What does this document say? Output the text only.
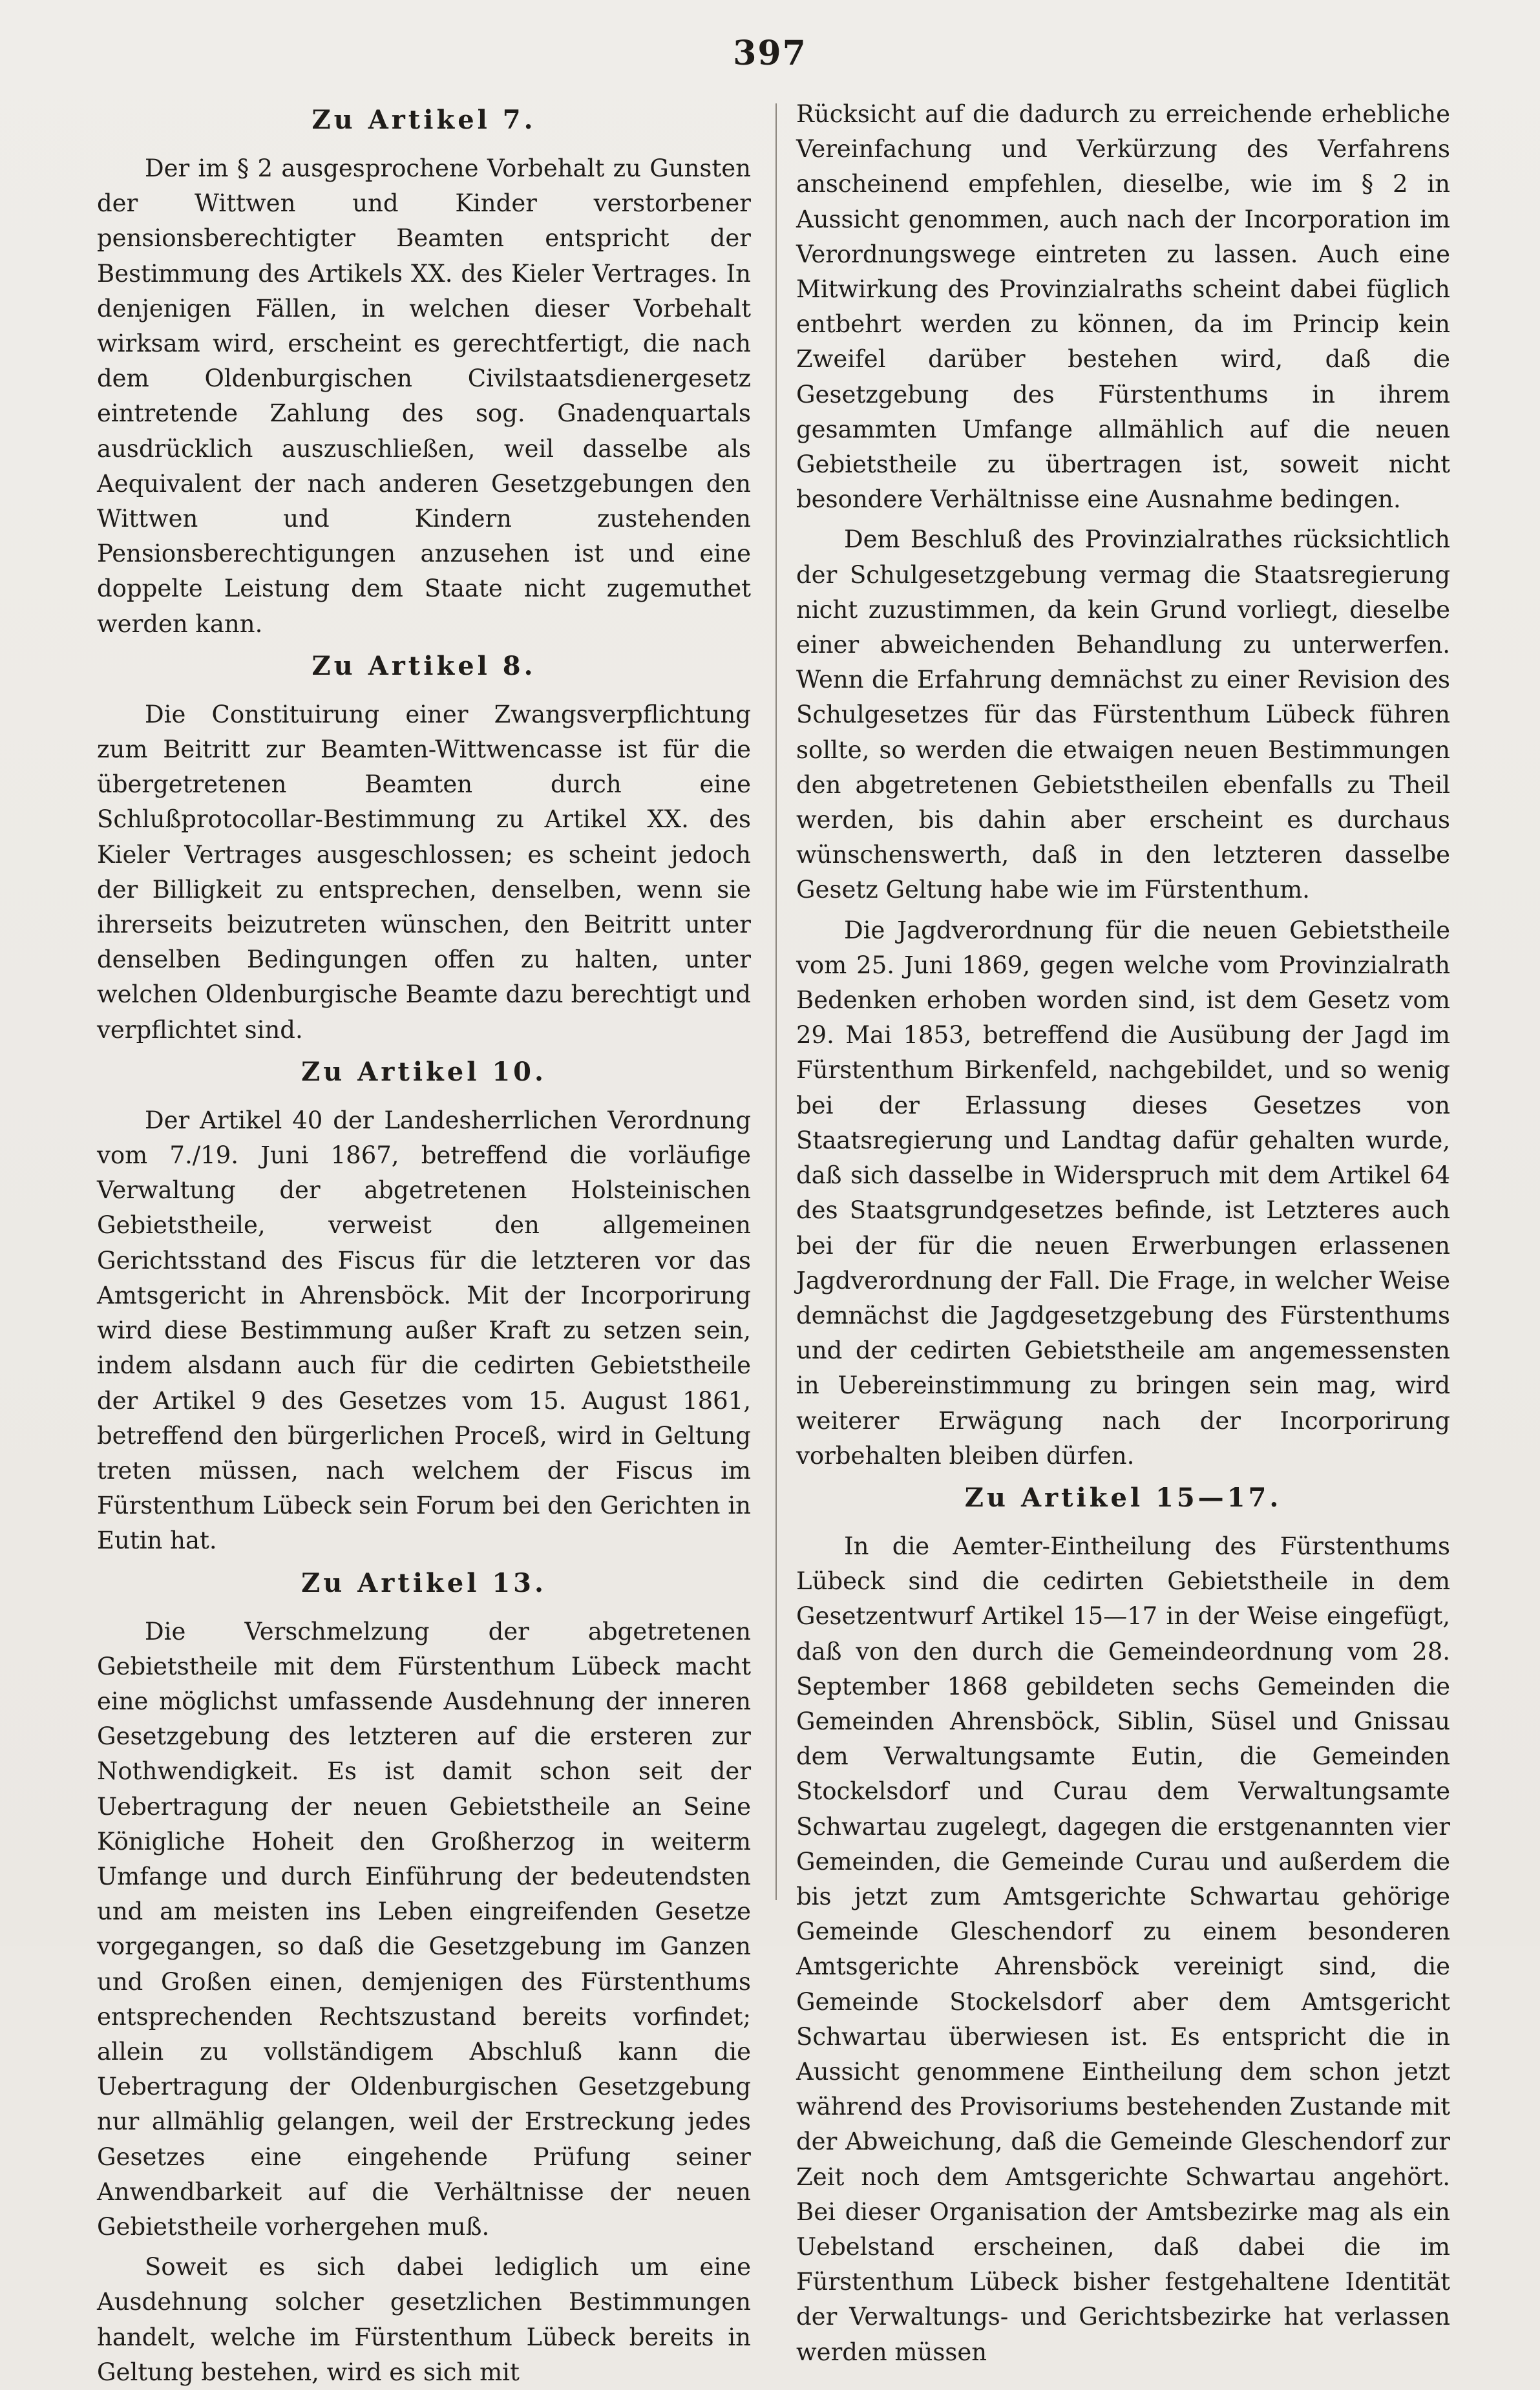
397
Zu Artikel 7.

Der im § 2 ausgesprochene Vorbehalt zu Gunsten der Wittwen und Kinder verstorbener pensionsberechtigter Beamten entspricht der Bestimmung des Artikels XX. des Kieler Vertrages. In denjenigen Fällen, in welchen dieser Vorbehalt wirksam wird, erscheint es gerechtfertigt, die nach dem Oldenburgischen Civilstaatsdienergesetz eintretende Zahlung des sog. Gnadenquartals ausdrücklich auszuschließen, weil dasselbe als Aequivalent der nach anderen Gesetzgebungen den Wittwen und Kindern zustehenden Pensionsberechtigungen anzusehen ist und eine doppelte Leistung dem Staate nicht zugemuthet werden kann.

Zu Artikel 8.

Die Constituirung einer Zwangsverpflichtung zum Beitritt zur Beamten-Wittwencasse ist für die übergetretenen Beamten durch eine Schlußprotocollar-Bestimmung zu Artikel XX. des Kieler Vertrages ausgeschlossen; es scheint jedoch der Billigkeit zu entsprechen, denselben, wenn sie ihrerseits beizutreten wünschen, den Beitritt unter denselben Bedingungen offen zu halten, unter welchen Oldenburgische Beamte dazu berechtigt und verpflichtet sind.

Zu Artikel 10.

Der Artikel 40 der Landesherrlichen Verordnung vom 7./19. Juni 1867, betreffend die vorläufige Verwaltung der abgetretenen Holsteinischen Gebietstheile, verweist den allgemeinen Gerichtsstand des Fiscus für die letzteren vor das Amtsgericht in Ahrensböck. Mit der Incorporirung wird diese Bestimmung außer Kraft zu setzen sein, indem alsdann auch für die cedirten Gebietstheile der Artikel 9 des Gesetzes vom 15. August 1861, betreffend den bürgerlichen Proceß, wird in Geltung treten müssen, nach welchem der Fiscus im Fürstenthum Lübeck sein Forum bei den Gerichten in Eutin hat.

Zu Artikel 13.

Die Verschmelzung der abgetretenen Gebietstheile mit dem Fürstenthum Lübeck macht eine möglichst umfassende Ausdehnung der inneren Gesetzgebung des letzteren auf die ersteren zur Nothwendigkeit. Es ist damit schon seit der Uebertragung der neuen Gebietstheile an Seine Königliche Hoheit den Großherzog in weiterm Umfange und durch Einführung der bedeutendsten und am meisten ins Leben eingreifenden Gesetze vorgegangen, so daß die Gesetzgebung im Ganzen und Großen einen, demjenigen des Fürstenthums entsprechenden Rechtszustand bereits vorfindet; allein zu vollständigem Abschluß kann die Uebertragung der Oldenburgischen Gesetzgebung nur allmählig gelangen, weil der Erstreckung jedes Gesetzes eine eingehende Prüfung seiner Anwendbarkeit auf die Verhältnisse der neuen Gebietstheile vorhergehen muß.

Soweit es sich dabei lediglich um eine Ausdehnung solcher gesetzlichen Bestimmungen handelt, welche im Fürstenthum Lübeck bereits in Geltung bestehen, wird es sich mit

Rücksicht auf die dadurch zu erreichende erhebliche Vereinfachung und Verkürzung des Verfahrens anscheinend empfehlen, dieselbe, wie im § 2 in Aussicht genommen, auch nach der Incorporation im Verordnungswege eintreten zu lassen. Auch eine Mitwirkung des Provinzialraths scheint dabei füglich entbehrt werden zu können, da im Princip kein Zweifel darüber bestehen wird, daß die Gesetzgebung des Fürstenthums in ihrem gesammten Umfange allmählich auf die neuen Gebietstheile zu übertragen ist, soweit nicht besondere Verhältnisse eine Ausnahme bedingen.

Dem Beschluß des Provinzialrathes rücksichtlich der Schulgesetzgebung vermag die Staatsregierung nicht zuzustimmen, da kein Grund vorliegt, dieselbe einer abweichenden Behandlung zu unterwerfen. Wenn die Erfahrung demnächst zu einer Revision des Schulgesetzes für das Fürstenthum Lübeck führen sollte, so werden die etwaigen neuen Bestimmungen den abgetretenen Gebietstheilen ebenfalls zu Theil werden, bis dahin aber erscheint es durchaus wünschenswerth, daß in den letzteren dasselbe Gesetz Geltung habe wie im Fürstenthum.

Die Jagdverordnung für die neuen Gebietstheile vom 25. Juni 1869, gegen welche vom Provinzialrath Bedenken erhoben worden sind, ist dem Gesetz vom 29. Mai 1853, betreffend die Ausübung der Jagd im Fürstenthum Birkenfeld, nachgebildet, und so wenig bei der Erlassung dieses Gesetzes von Staatsregierung und Landtag dafür gehalten wurde, daß sich dasselbe in Widerspruch mit dem Artikel 64 des Staatsgrundgesetzes befinde, ist Letzteres auch bei der für die neuen Erwerbungen erlassenen Jagdverordnung der Fall. Die Frage, in welcher Weise demnächst die Jagdgesetzgebung des Fürstenthums und der cedirten Gebietstheile am angemessensten in Uebereinstimmung zu bringen sein mag, wird weiterer Erwägung nach der Incorporirung vorbehalten bleiben dürfen.

Zu Artikel 15—17.

In die Aemter-Eintheilung des Fürstenthums Lübeck sind die cedirten Gebietstheile in dem Gesetzentwurf Artikel 15—17 in der Weise eingefügt, daß von den durch die Gemeindeordnung vom 28. September 1868 gebildeten sechs Gemeinden die Gemeinden Ahrensböck, Siblin, Süsel und Gnissau dem Verwaltungsamte Eutin, die Gemeinden Stockelsdorf und Curau dem Verwaltungsamte Schwartau zugelegt, dagegen die erstgenannten vier Gemeinden, die Gemeinde Curau und außerdem die bis jetzt zum Amtsgerichte Schwartau gehörige Gemeinde Gleschendorf zu einem besonderen Amtsgerichte Ahrensböck vereinigt sind, die Gemeinde Stockelsdorf aber dem Amtsgericht Schwartau überwiesen ist. Es entspricht die in Aussicht genommene Eintheilung dem schon jetzt während des Provisoriums bestehenden Zustande mit der Abweichung, daß die Gemeinde Gleschendorf zur Zeit noch dem Amtsgerichte Schwartau angehört. Bei dieser Organisation der Amtsbezirke mag als ein Uebelstand erscheinen, daß dabei die im Fürstenthum Lübeck bisher festgehaltene Identität der Verwaltungs- und Gerichtsbezirke hat verlassen werden müssen
